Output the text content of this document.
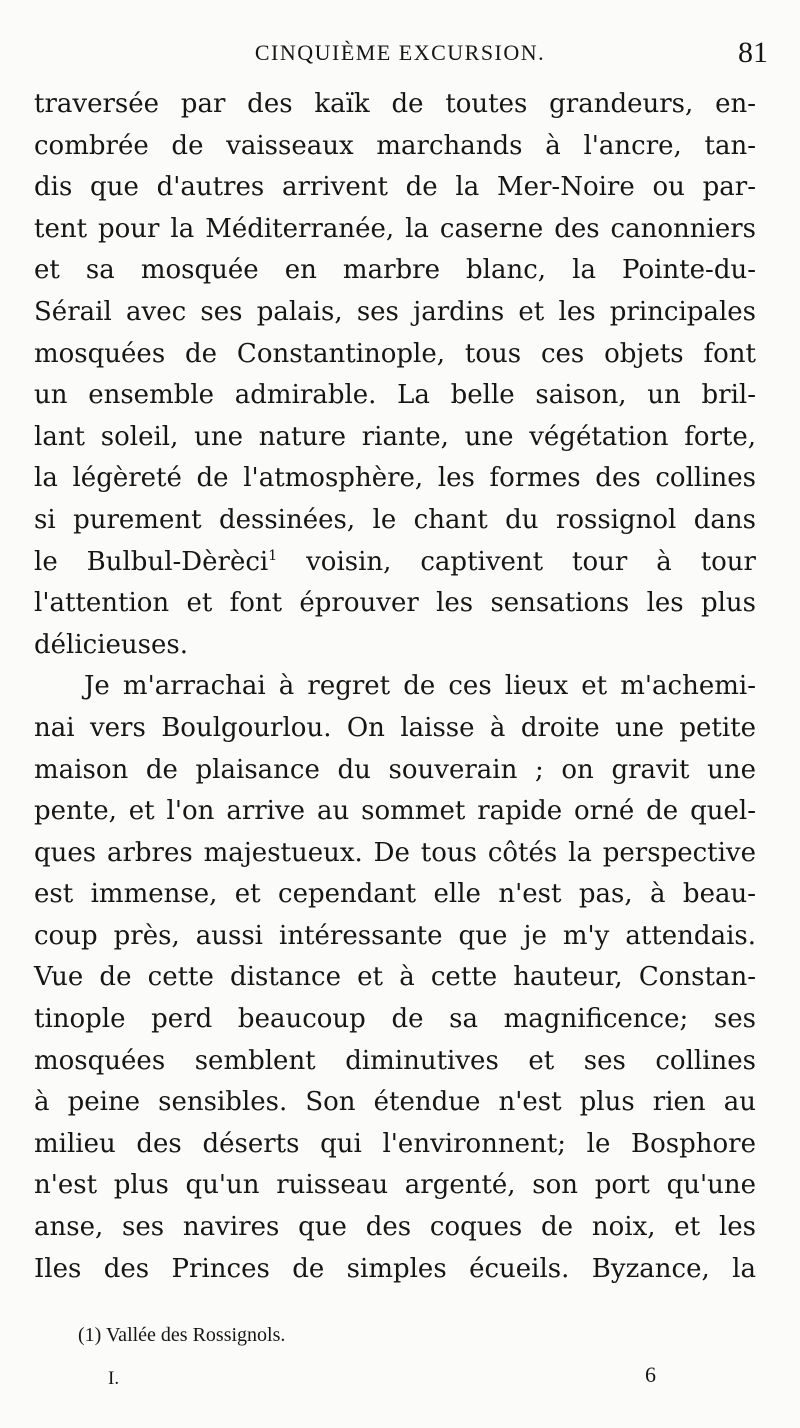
CINQUIÈME EXCURSION.	81
traversée par des kaïk de toutes grandeurs, en-
combrée de vaisseaux marchands à l'ancre, tan-
dis que d'autres arrivent de la Mer-Noire ou par-
tent pour la Méditerranée, la caserne des canonniers
et sa mosquée en marbre blanc, la Pointe-du-
Sérail avec ses palais, ses jardins et les principales
mosquées de Constantinople, tous ces objets font
un ensemble admirable. La belle saison, un bril-
lant soleil, une nature riante, une végétation forte,
la légèreté de l'atmosphère, les formes des collines
si purement dessinées, le chant du rossignol dans
le Bulbul-Dèrèci$^1$ voisin, captivent tour à tour
l'attention et font éprouver les sensations les plus
délicieuses.
Je m'arrachai à regret de ces lieux et m'achemi-
nai vers Boulgourlou. On laisse à droite une petite
maison de plaisance du souverain ; on gravit une
pente, et l'on arrive au sommet rapide orné de quel-
ques arbres majestueux. De tous côtés la perspective
est immense, et cependant elle n'est pas, à beau-
coup près, aussi intéressante que je m'y attendais.
Vue de cette distance et à cette hauteur, Constan-
tinople perd beaucoup de sa magnificence; ses
mosquées semblent diminutives et ses collines
à peine sensibles. Son étendue n'est plus rien au
milieu des déserts qui l'environnent; le Bosphore
n'est plus qu'un ruisseau argenté, son port qu'une
anse, ses navires que des coques de noix, et les
Iles des Princes de simples écueils. Byzance, la
(1) Vallée des Rossignols.
I.	6
